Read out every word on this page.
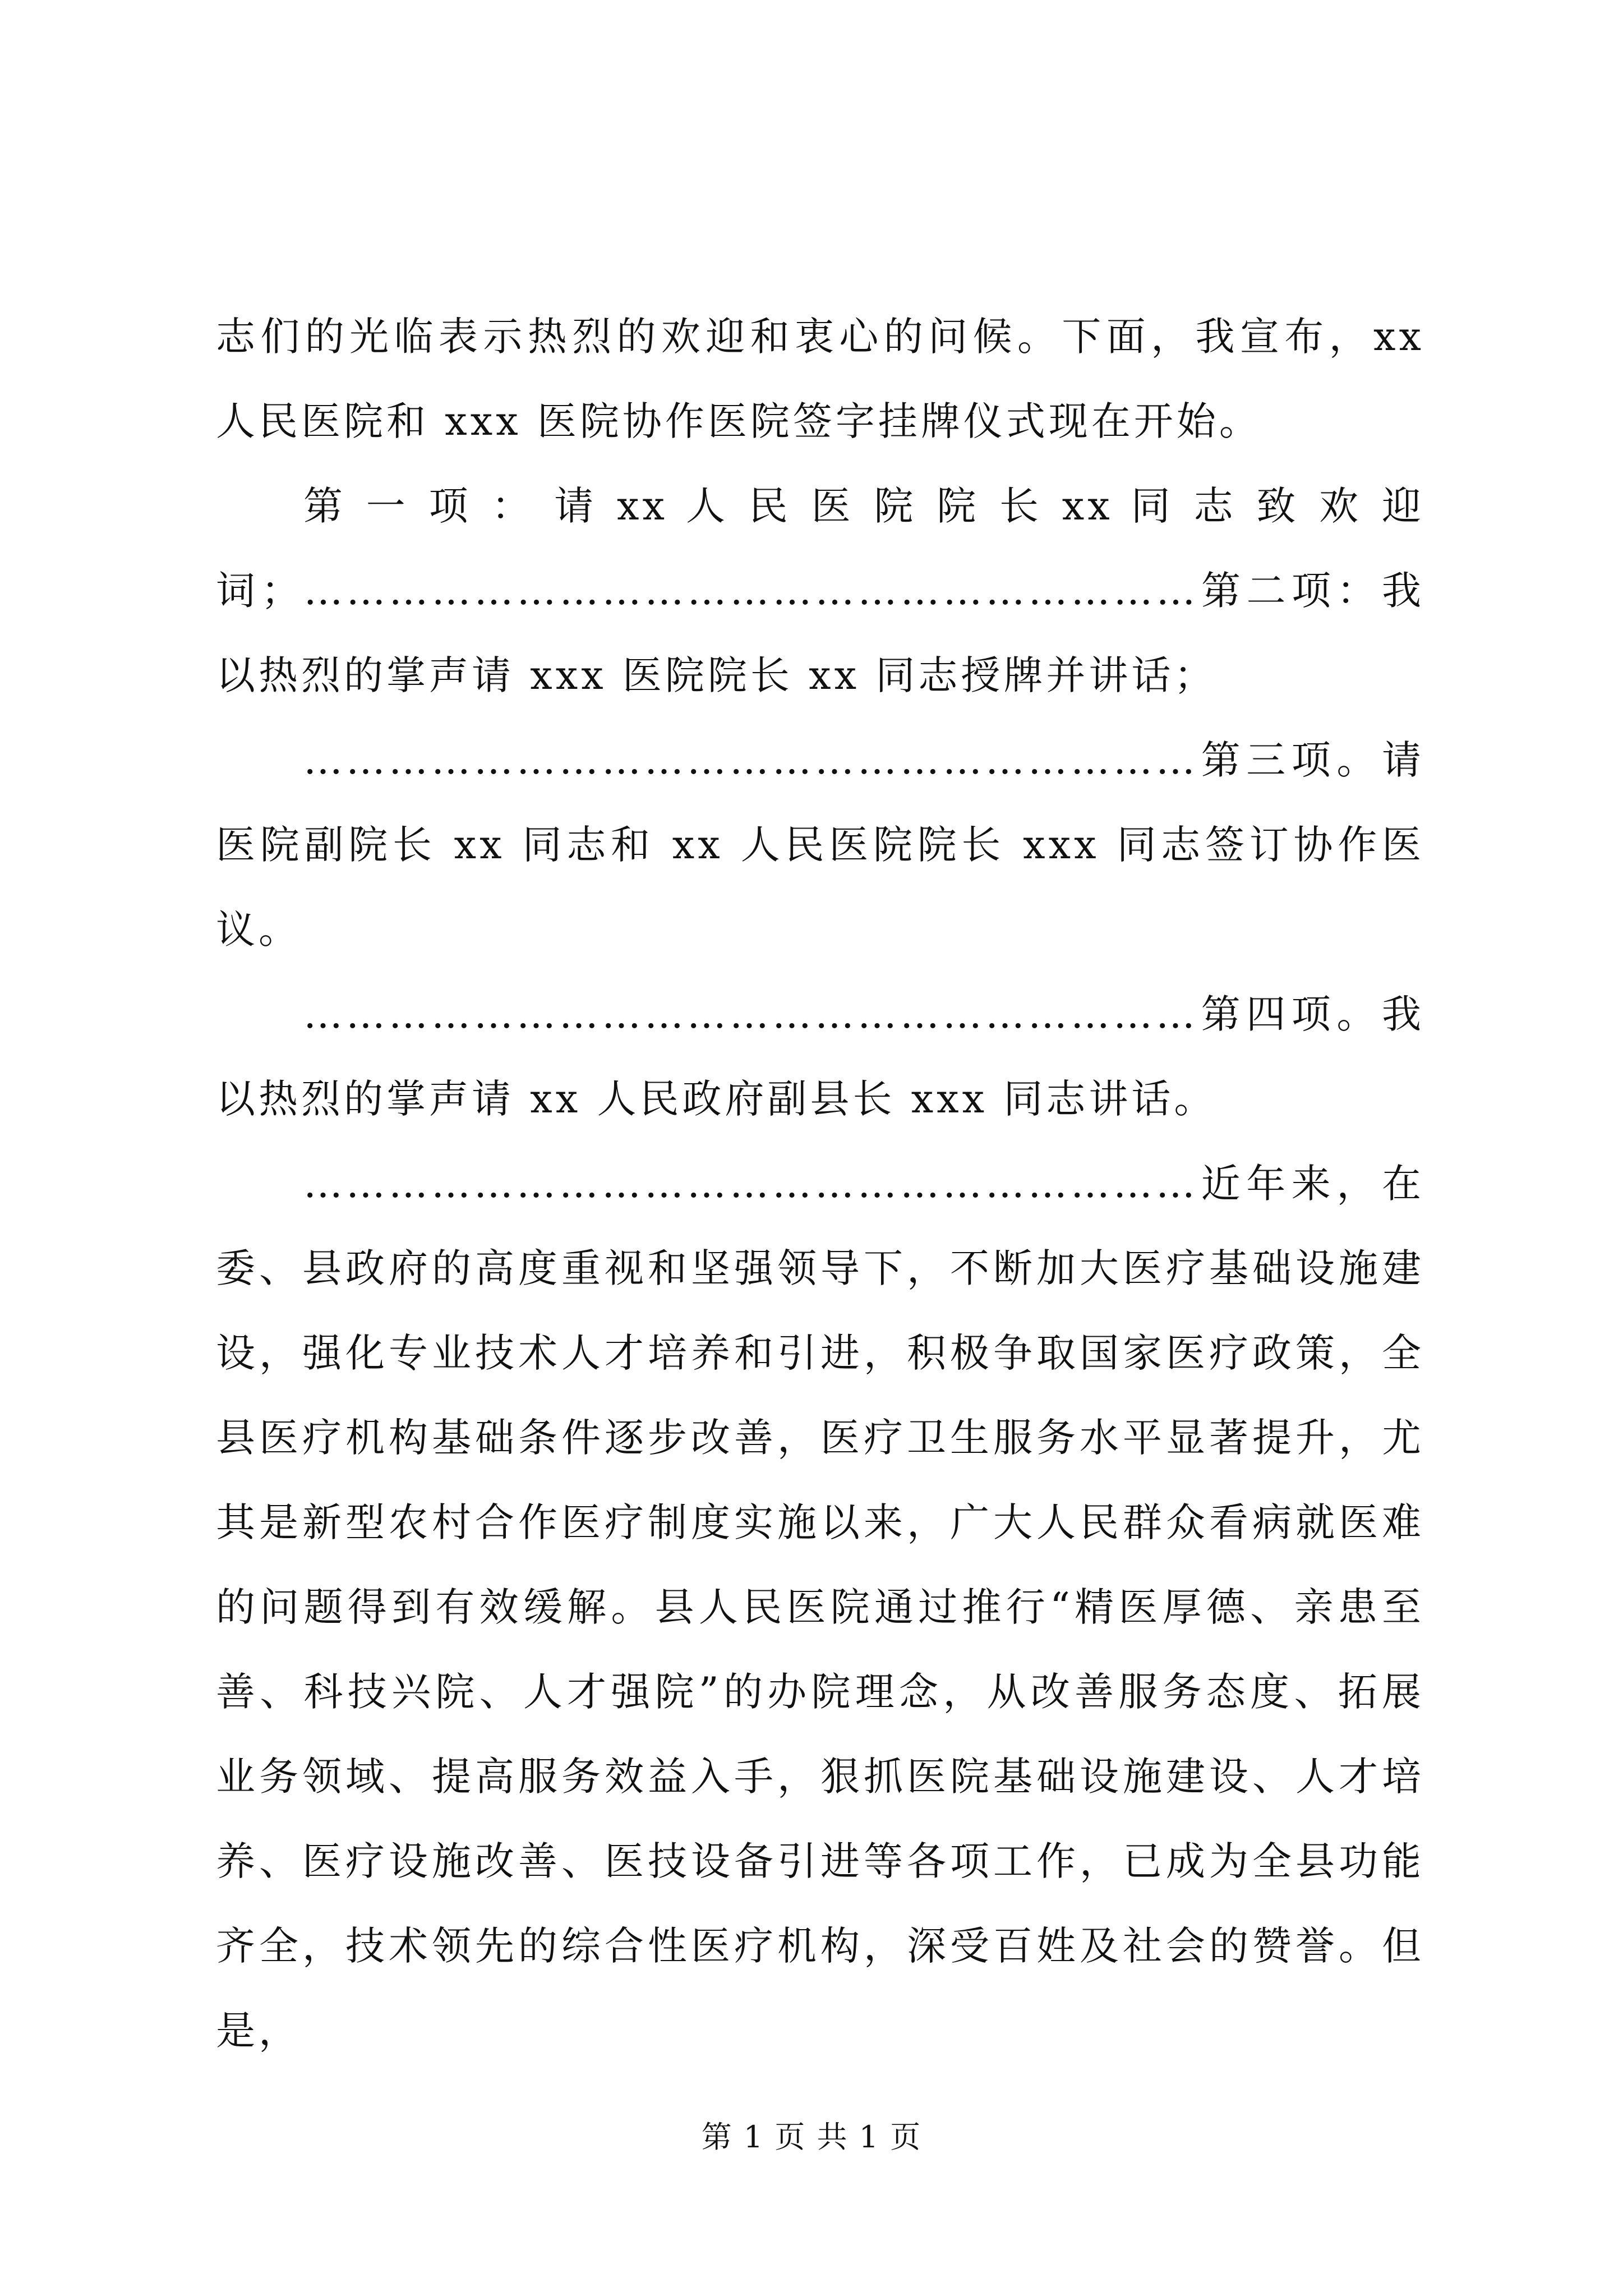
志们的光临表示热烈的欢迎和衷心的问候。下面，我宣布，xx
人民医院和 xxx 医院协作医院签字挂牌仪式现在开始。
第 一 项 ： 请 xx 人 民 医 院 院 长 xx 同 志 致 欢 迎
词；………………………………………………………第二项：我
以热烈的掌声请 xxx 医院院长 xx 同志授牌并讲话；
………………………………………………………第三项。请
医院副院长 xx 同志和 xx 人民医院院长 xxx 同志签订协作医
议。
………………………………………………………第四项。我
以热烈的掌声请 xx 人民政府副县长 xxx 同志讲话。
………………………………………………………近年来，在
委、县政府的高度重视和坚强领导下，不断加大医疗基础设施建
设，强化专业技术人才培养和引进，积极争取国家医疗政策，全
县医疗机构基础条件逐步改善，医疗卫生服务水平显著提升，尤
其是新型农村合作医疗制度实施以来，广大人民群众看病就医难
的问题得到有效缓解。县人民医院通过推行“精医厚德、亲患至
善、科技兴院、人才强院”的办院理念，从改善服务态度、拓展
业务领域、提高服务效益入手，狠抓医院基础设施建设、人才培
养、医疗设施改善、医技设备引进等各项工作，已成为全县功能
齐全，技术领先的综合性医疗机构，深受百姓及社会的赞誉。但
是，
第 1 页 共 1 页
